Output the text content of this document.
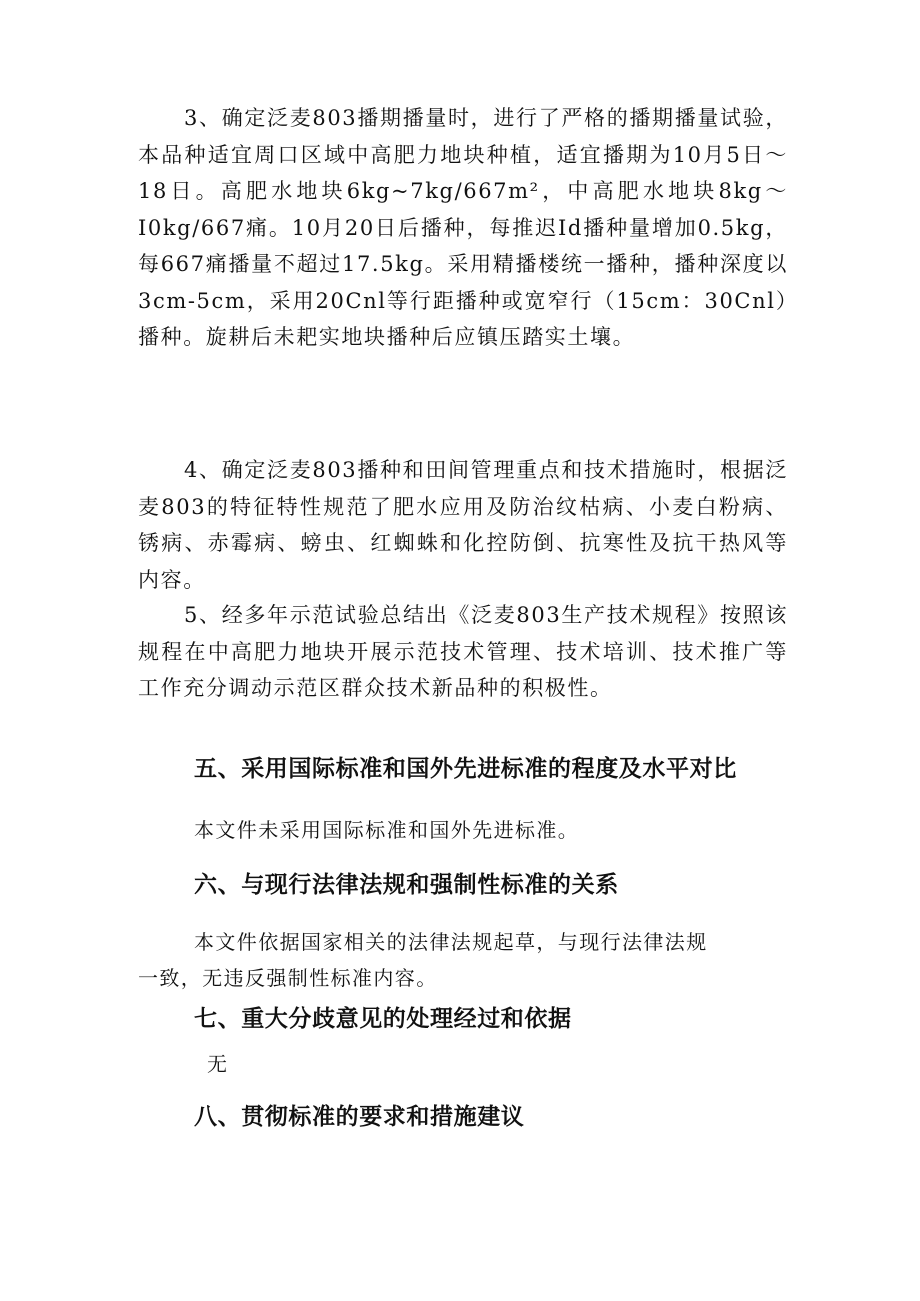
3、确定泛麦803播期播量时，进行了严格的播期播量试验，本品种适宜周口区域中高肥力地块种植，适宜播期为10月5日～18日。高肥水地块6kg~7kg/667m²，中高肥水地块8kg～I0kg/667痛。10月20日后播种，每推迟Id播种量增加0.5kg，每667痛播量不超过17.5kg。采用精播楼统一播种，播种深度以3cm-5cm，采用20Cnl等行距播种或宽窄行（15cm：30Cnl）播种。旋耕后未耙实地块播种后应镇压踏实土壤。

4、确定泛麦803播种和田间管理重点和技术措施时，根据泛麦803的特征特性规范了肥水应用及防治纹枯病、小麦白粉病、锈病、赤霉病、螃虫、红蜘蛛和化控防倒、抗寒性及抗干热风等内容。

5、经多年示范试验总结出《泛麦803生产技术规程》按照该规程在中高肥力地块开展示范技术管理、技术培训、技术推广等工作充分调动示范区群众技术新品种的积极性。

五、采用国际标准和国外先进标准的程度及水平对比

本文件未采用国际标准和国外先进标准。

六、与现行法律法规和强制性标准的关系

本文件依据国家相关的法律法规起草，与现行法律法规

一致，无违反强制性标准内容。

七、重大分歧意见的处理经过和依据

无

八、贯彻标准的要求和措施建议
